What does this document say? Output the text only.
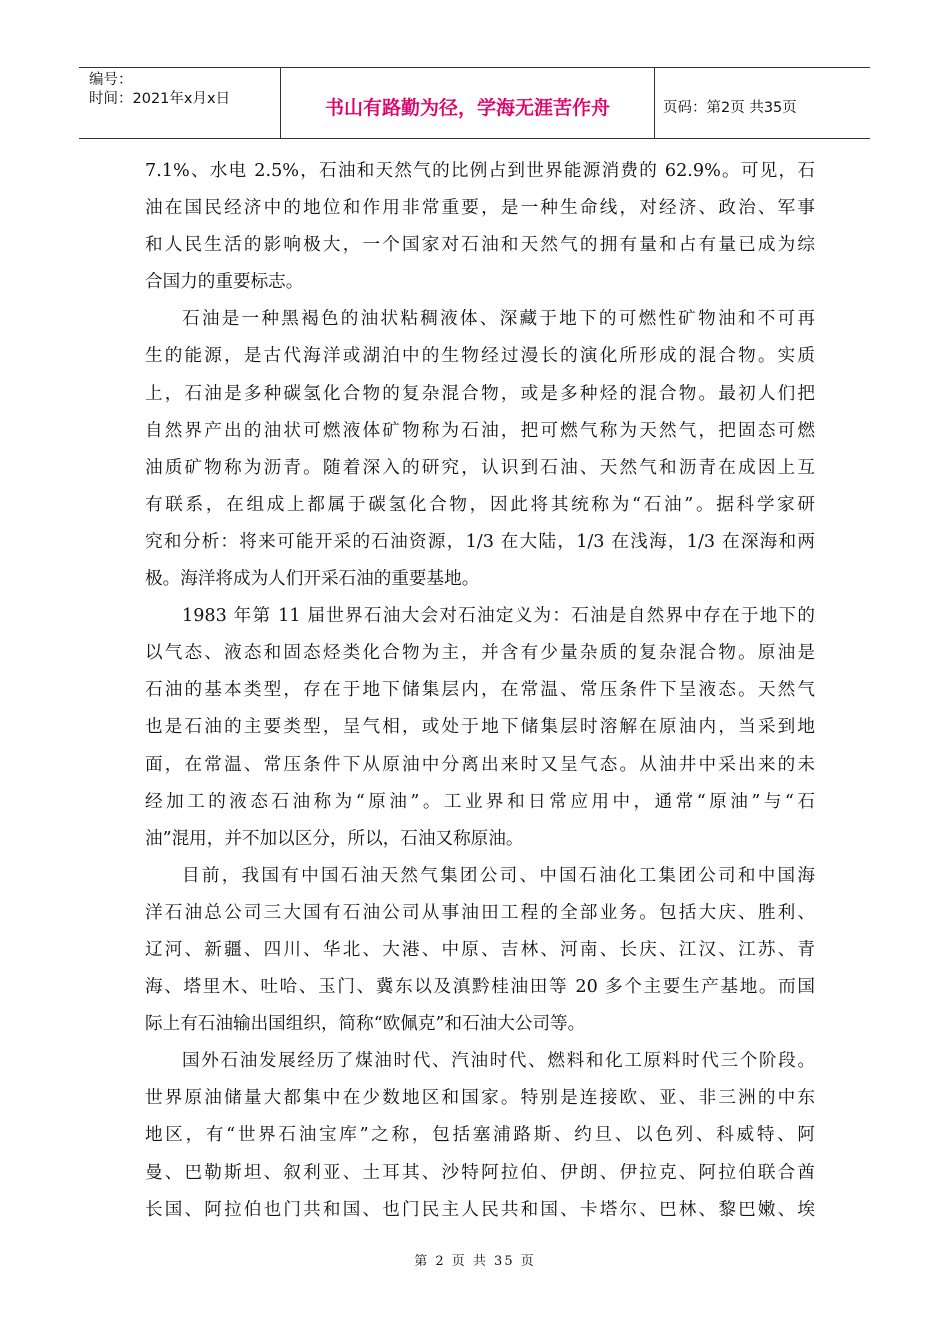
编号：
时间：2021年x月x日	书山有路勤为径，学海无涯苦作舟	页码：第2页 共35页
7.1%、水电 2.5%，石油和天然气的比例占到世界能源消费的 62.9%。可见，石
油在国民经济中的地位和作用非常重要，是一种生命线，对经济、政治、军事
和人民生活的影响极大，一个国家对石油和天然气的拥有量和占有量已成为综
合国力的重要标志。
石油是一种黑褐色的油状粘稠液体、深藏于地下的可燃性矿物油和不可再
生的能源，是古代海洋或湖泊中的生物经过漫长的演化所形成的混合物。实质
上，石油是多种碳氢化合物的复杂混合物，或是多种烃的混合物。最初人们把
自然界产出的油状可燃液体矿物称为石油，把可燃气称为天然气，把固态可燃
油质矿物称为沥青。随着深入的研究，认识到石油、天然气和沥青在成因上互
有联系，在组成上都属于碳氢化合物，因此将其统称为“石油”。据科学家研
究和分析：将来可能开采的石油资源，1/3 在大陆，1/3 在浅海，1/3 在深海和两
极。海洋将成为人们开采石油的重要基地。
1983 年第 11 届世界石油大会对石油定义为：石油是自然界中存在于地下的
以气态、液态和固态烃类化合物为主，并含有少量杂质的复杂混合物。原油是
石油的基本类型，存在于地下储集层内，在常温、常压条件下呈液态。天然气
也是石油的主要类型，呈气相，或处于地下储集层时溶解在原油内，当采到地
面，在常温、常压条件下从原油中分离出来时又呈气态。从油井中采出来的未
经加工的液态石油称为“原油”。工业界和日常应用中，通常“原油”与“石
油”混用，并不加以区分，所以，石油又称原油。
目前，我国有中国石油天然气集团公司、中国石油化工集团公司和中国海
洋石油总公司三大国有石油公司从事油田工程的全部业务。包括大庆、胜利、
辽河、新疆、四川、华北、大港、中原、吉林、河南、长庆、江汉、江苏、青
海、塔里木、吐哈、玉门、冀东以及滇黔桂油田等 20 多个主要生产基地。而国
际上有石油输出国组织，简称“欧佩克”和石油大公司等。
国外石油发展经历了煤油时代、汽油时代、燃料和化工原料时代三个阶段。
世界原油储量大都集中在少数地区和国家。特别是连接欧、亚、非三洲的中东
地区，有“世界石油宝库”之称，包括塞浦路斯、约旦、以色列、科威特、阿
曼、巴勒斯坦、叙利亚、土耳其、沙特阿拉伯、伊朗、伊拉克、阿拉伯联合酋
长国、阿拉伯也门共和国、也门民主人民共和国、卡塔尔、巴林、黎巴嫩、埃
第 2 页 共 35 页
